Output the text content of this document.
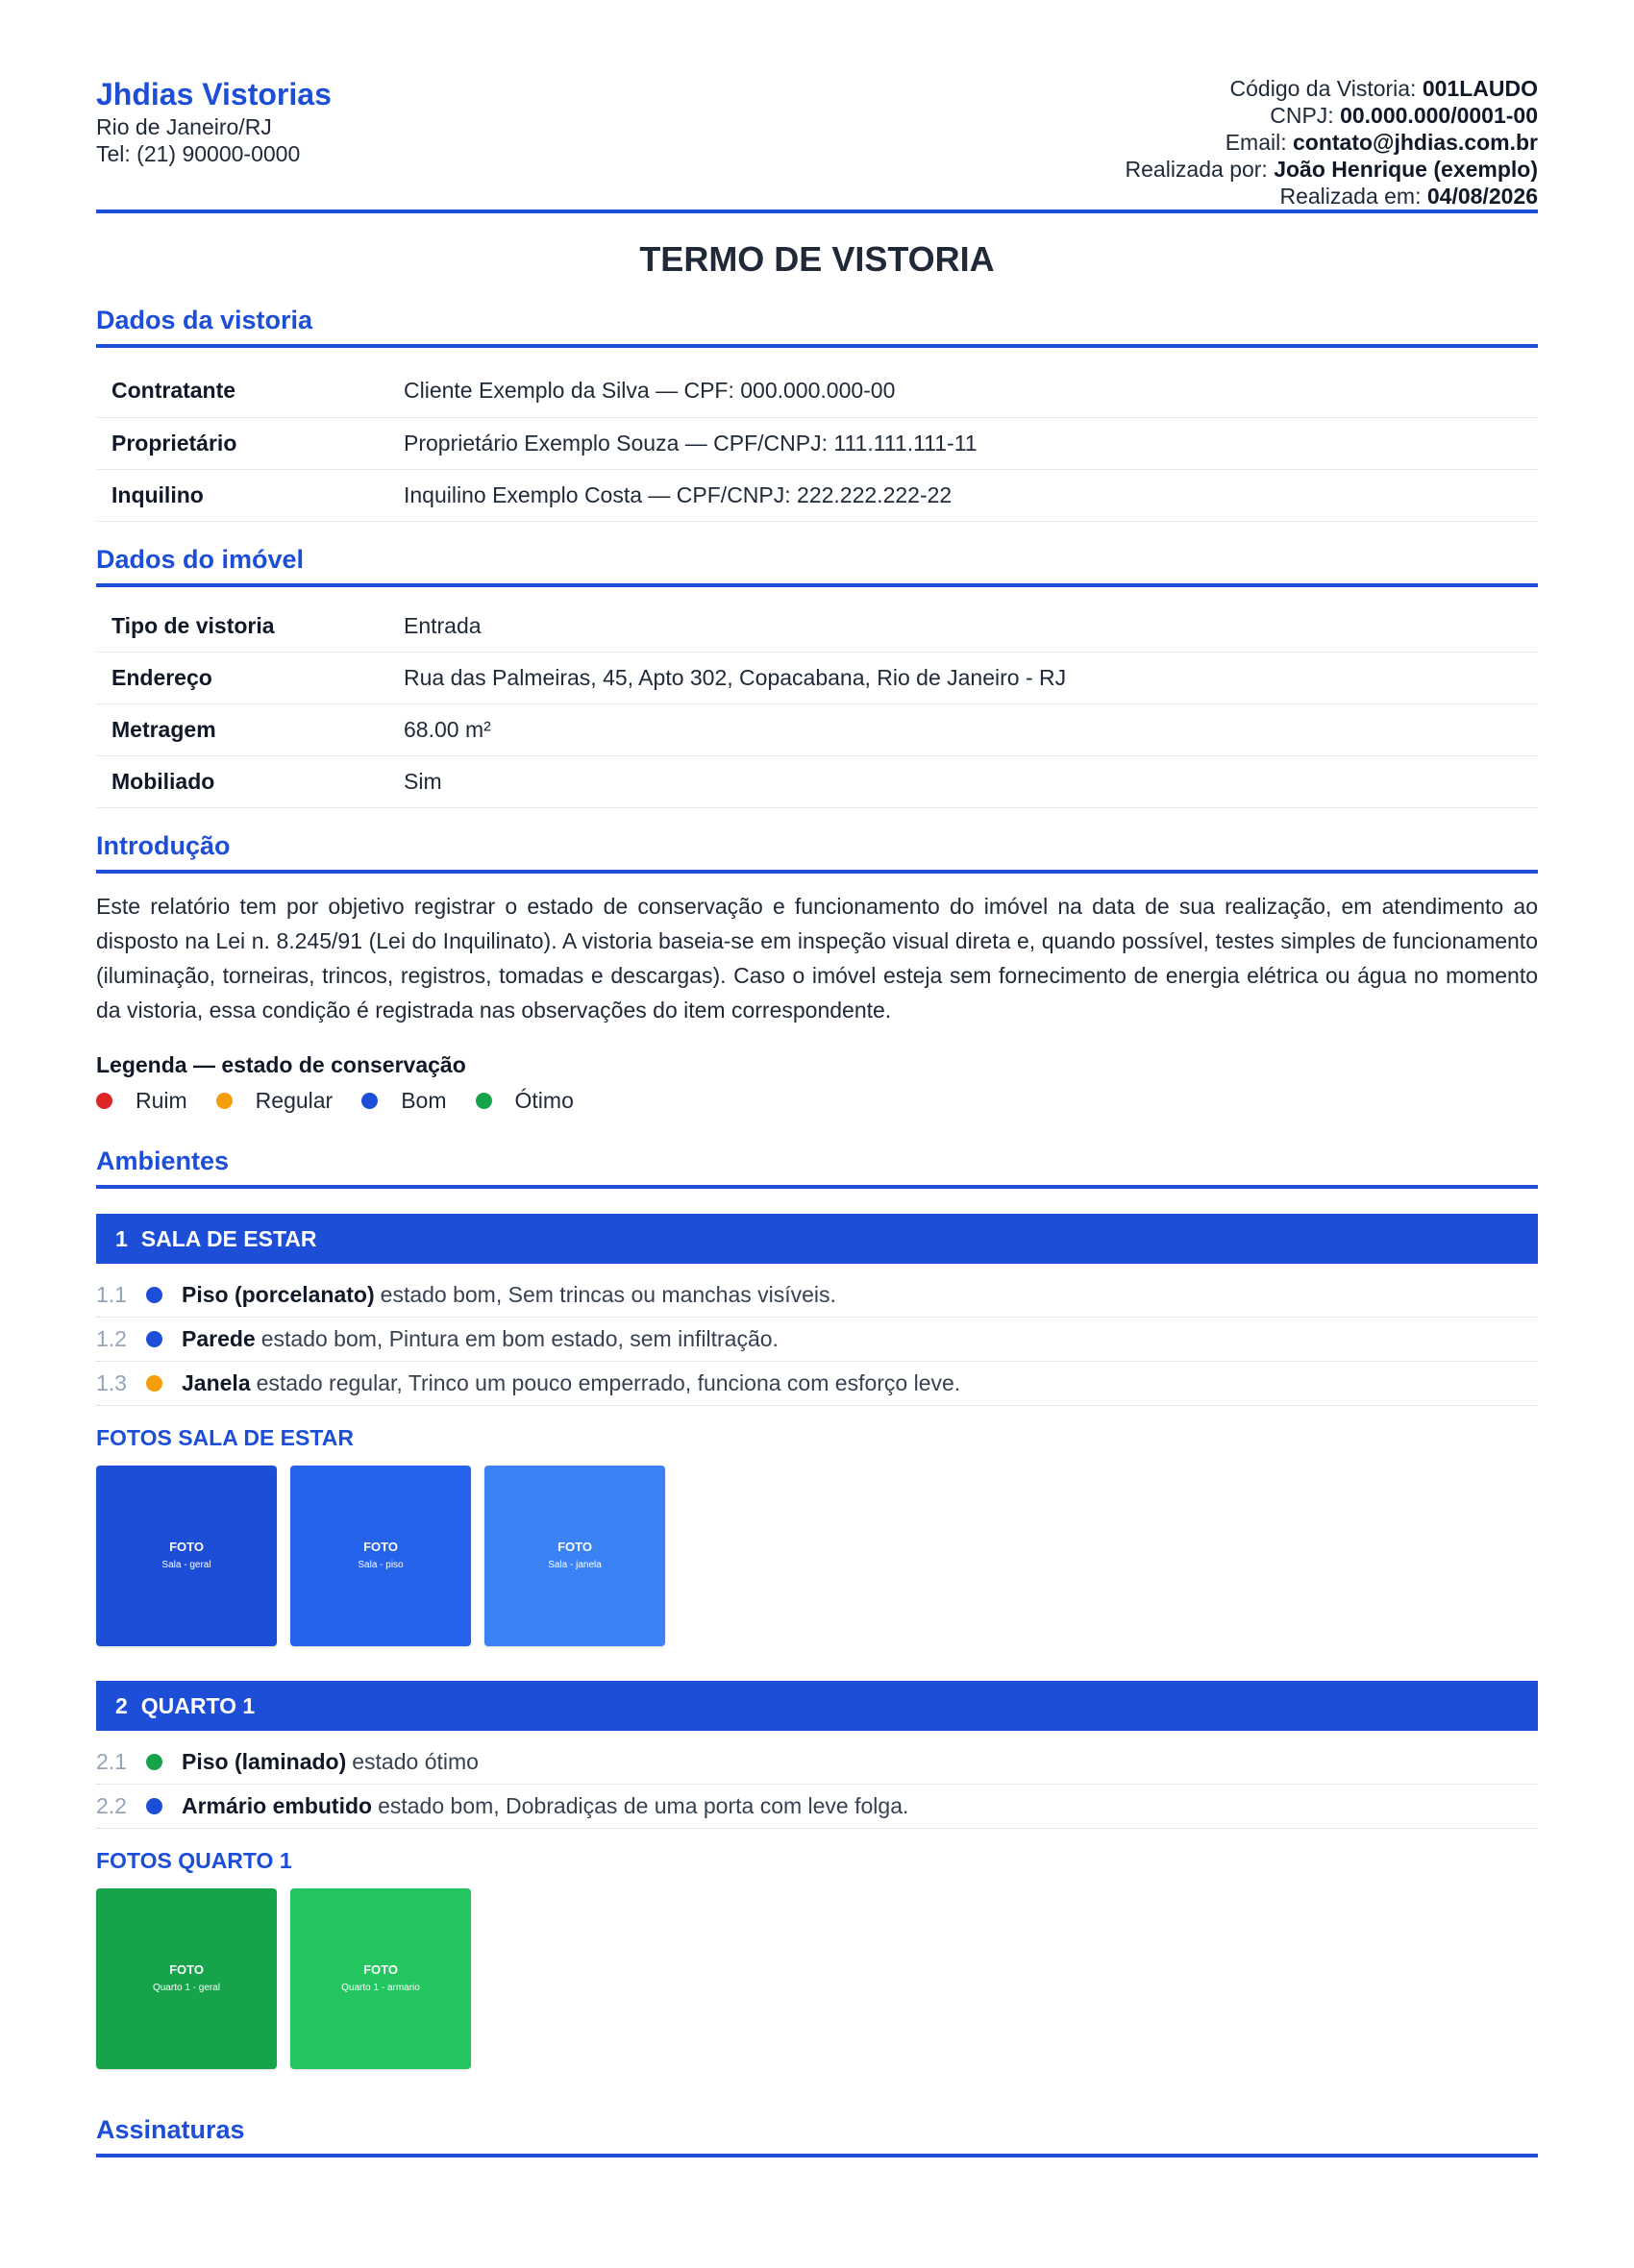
Jhdias Vistorias
Rio de Janeiro/RJ
Tel: (21) 90000-0000
Código da Vistoria: 001LAUDO
CNPJ: 00.000.000/0001-00
Email: contato@jhdias.com.br
Realizada por: João Henrique (exemplo)
Realizada em: 04/08/2026
TERMO DE VISTORIA
Dados da vistoria
Contratante	Cliente Exemplo da Silva — CPF: 000.000.000-00
Proprietário	Proprietário Exemplo Souza — CPF/CNPJ: 111.111.111-11
Inquilino	Inquilino Exemplo Costa — CPF/CNPJ: 222.222.222-22
Dados do imóvel
Tipo de vistoria	Entrada
Endereço	Rua das Palmeiras, 45, Apto 302, Copacabana, Rio de Janeiro - RJ
Metragem	68.00 m²
Mobiliado	Sim
Introdução

Este relatório tem por objetivo registrar o estado de conservação e funcionamento do imóvel na data de sua realização, em atendimento ao disposto na Lei n. 8.245/91 (Lei do Inquilinato). A vistoria baseia-se em inspeção visual direta e, quando possível, testes simples de funcionamento (iluminação, torneiras, trincos, registros, tomadas e descargas). Caso o imóvel esteja sem fornecimento de energia elétrica ou água no momento da vistoria, essa condição é registrada nas observações do item correspondente.

Legenda — estado de conservação
Ruim	Regular	Bom	Ótimo
Ambientes
1 SALA DE ESTAR
1.1	Piso (porcelanato) estado bom, Sem trincas ou manchas visíveis.
1.2	Parede estado bom, Pintura em bom estado, sem infiltração.
1.3	Janela estado regular, Trinco um pouco emperrado, funciona com esforço leve.
FOTOS SALA DE ESTAR
FOTO
Sala - geral
FOTO
Sala - piso
FOTO
Sala - janela
2 QUARTO 1
2.1	Piso (laminado) estado ótimo
2.2	Armário embutido estado bom, Dobradiças de uma porta com leve folga.
FOTOS QUARTO 1
FOTO
Quarto 1 - geral
FOTO
Quarto 1 - armario
Assinaturas
